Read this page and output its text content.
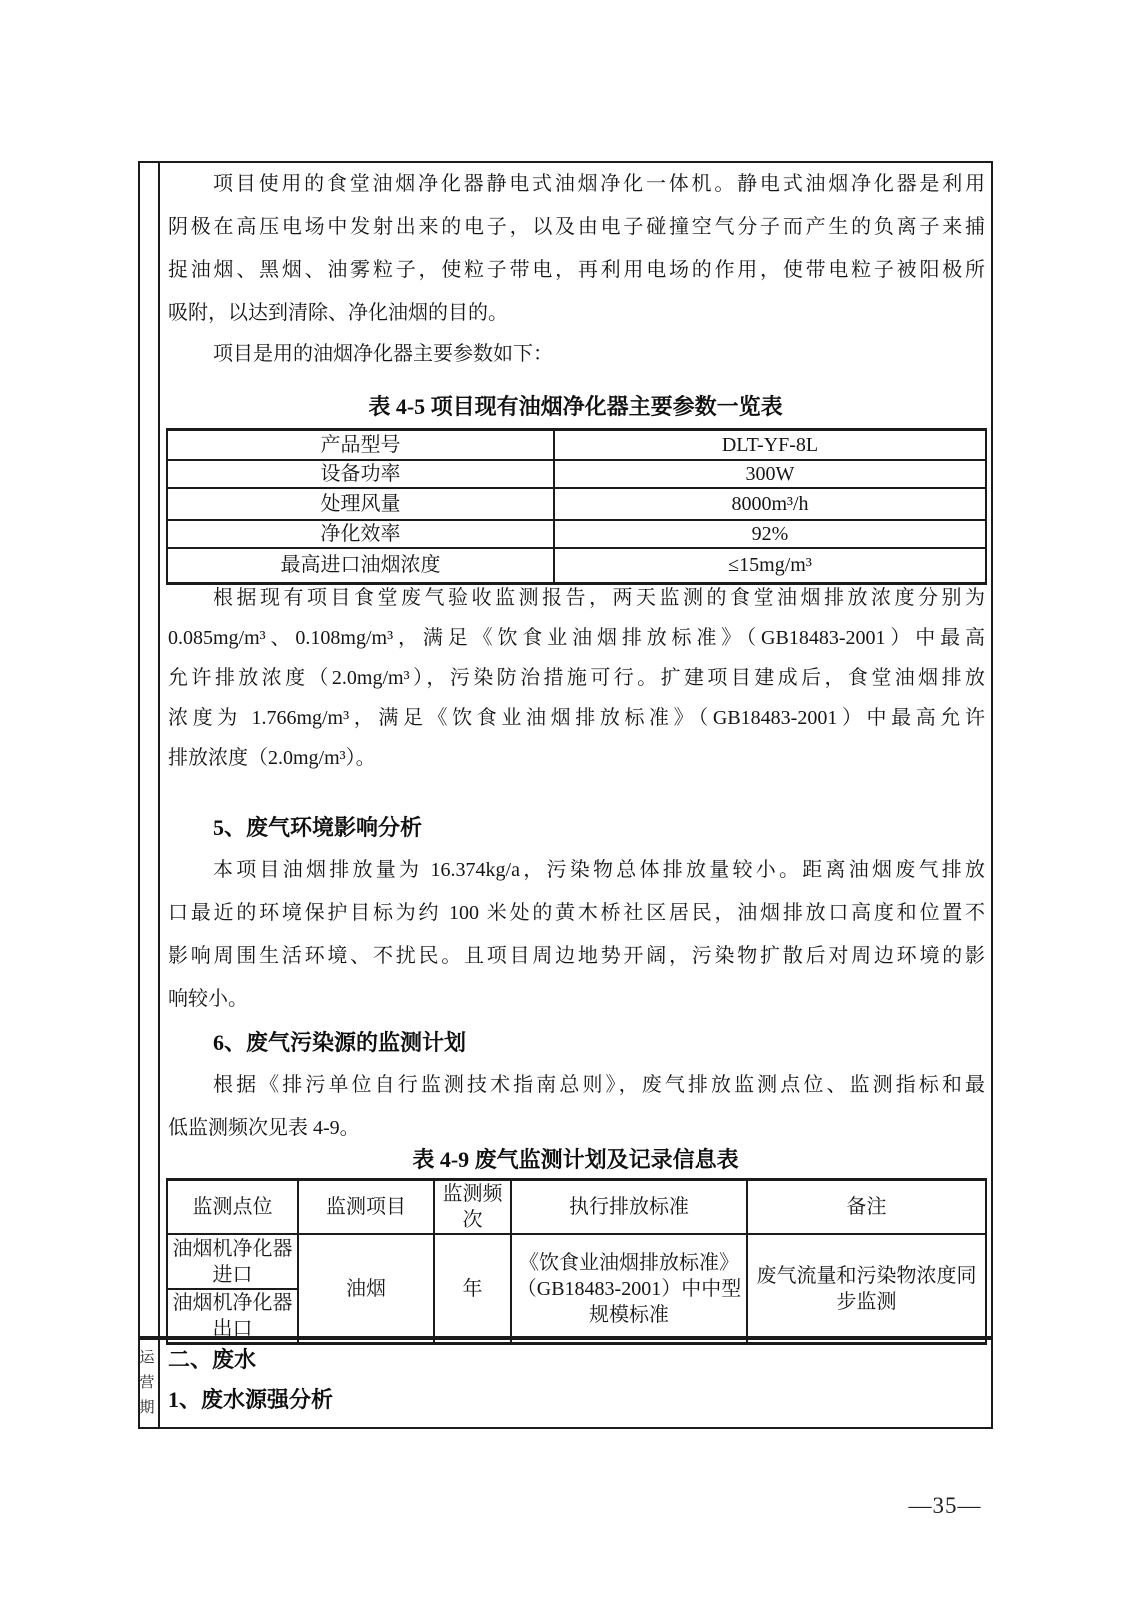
运
营
期
项目使用的食堂油烟净化器静电式油烟净化一体机。静电式油烟净化器是利用
阴极在高压电场中发射出来的电子，以及由电子碰撞空气分子而产生的负离子来捕
捉油烟、黑烟、油雾粒子，使粒子带电，再利用电场的作用，使带电粒子被阳极所
吸附，以达到清除、净化油烟的目的。
项目是用的油烟净化器主要参数如下：
表 4-5 项目现有油烟净化器主要参数一览表
产品型号	DLT-YF-8L
设备功率	300W
处理风量	8000m³/h
净化效率	92%
最高进口油烟浓度	≤15mg/m³
根据现有项目食堂废气验收监测报告，两天监测的食堂油烟排放浓度分别为
0.085mg/m³、0.108mg/m³，满足《饮食业油烟排放标准》（GB18483-2001）中最高
允许排放浓度（2.0mg/m³），污染防治措施可行。扩建项目建成后，食堂油烟排放
浓度为 1.766mg/m³，满足《饮食业油烟排放标准》（GB18483-2001）中最高允许
排放浓度（2.0mg/m³）。
5、废气环境影响分析
本项目油烟排放量为 16.374kg/a，污染物总体排放量较小。距离油烟废气排放
口最近的环境保护目标为约 100 米处的黄木桥社区居民，油烟排放口高度和位置不
影响周围生活环境、不扰民。且项目周边地势开阔，污染物扩散后对周边环境的影
响较小。
6、废气污染源的监测计划
根据《排污单位自行监测技术指南总则》，废气排放监测点位、监测指标和最
低监测频次见表 4-9。
表 4-9 废气监测计划及记录信息表
监测点位	监测项目	监测频次	执行排放标准	备注
油烟机净化器进口	油烟	年	《饮食业油烟排放标准》（GB18483-2001）中中型规模标准	废气流量和污染物浓度同步监测
油烟机净化器出口				
二、废水
1、废水源强分析
—35—
